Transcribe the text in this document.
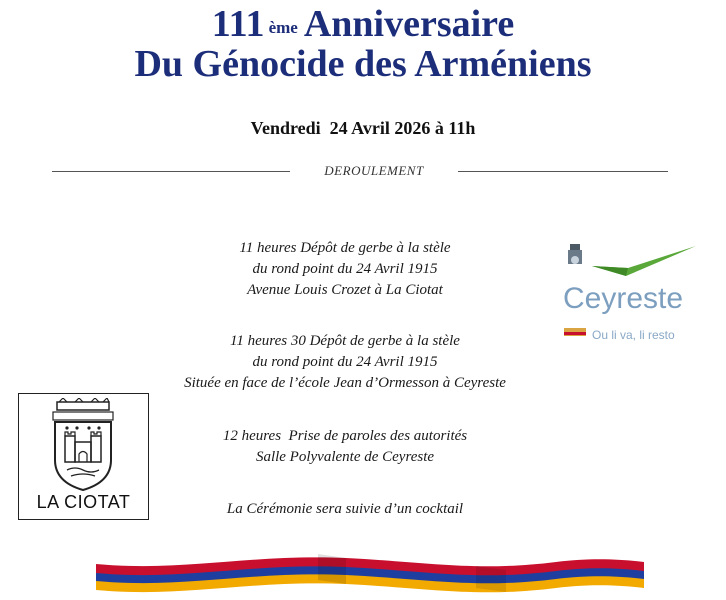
111 $^{ème}$ Anniversaire
Du Génocide des Arméniens
Vendredi  24 Avril 2026 à 11h
DEROULEMENT
11 heures Dépôt de gerbe à la stèle
du rond point du 24 Avril 1915
Avenue Louis Crozet à La Ciotat
11 heures 30 Dépôt de gerbe à la stèle
du rond point du 24 Avril 1915
Située en face de l’école Jean d’Ormesson à Ceyreste
12 heures  Prise de paroles des autorités
Salle Polyvalente de Ceyreste
La Cérémonie sera suivie d’un cocktail
Ceyreste
Ou li va, li resto
LA CIOTAT
